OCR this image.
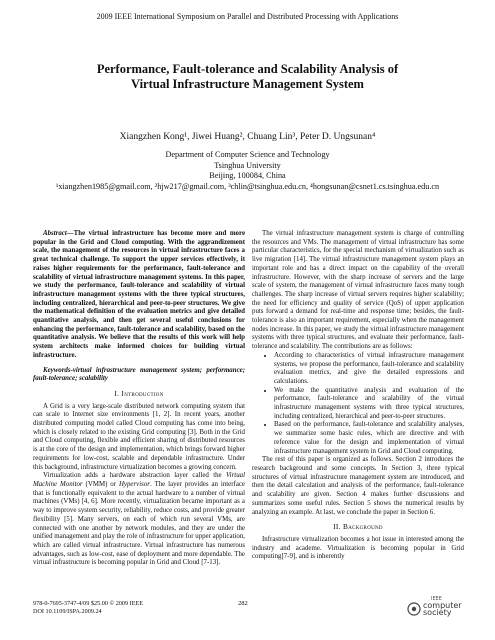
2009 IEEE International Symposium on Parallel and Distributed Processing with Applications
Performance, Fault-tolerance and Scalability Analysis of
Virtual Infrastructure Management System
Xiangzhen Kong¹, Jiwei Huang², Chuang Lin³, Peter D. Ungsunan⁴
Department of Computer Science and Technology
Tsinghua University
Beijing, 100084, China
¹xiangzhen1985@gmail.com, ²hjw217@gmail.com, ³chlin@tsinghua.edu.cn, ⁴hongsunan@csnet1.cs.tsinghua.edu.cn

Abstract—The virtual infrastructure has become more and more popular in the Grid and Cloud computing. With the aggrandizement scale, the management of the resources in virtual infrastructure faces a great technical challenge. To support the upper services effectively, it raises higher requirements for the performance, fault-tolerance and scalability of virtual infrastructure management systems. In this paper, we study the performance, fault-tolerance and scalability of virtual infrastructure management systems with the three typical structures, including centralized, hierarchical and peer-to-peer structures. We give the mathematical definition of the evaluation metrics and give detailed quantitative analysis, and then get several useful conclusions for enhancing the performance, fault-tolerance and scalability, based on the quantitative analysis. We believe that the results of this work will help system architects make informed choices for building virtual infrastructure.

Keywords-virtual infrastructure management system; performance; fault-tolerance; scalability

I. Introduction

A Grid is a very large-scale distributed network computing system that can scale to Internet size environments [1, 2]. In recent years, another distributed computing model called Cloud computing has come into being, which is closely related to the existing Grid computing [3]. Both in the Grid and Cloud computing, flexible and efficient sharing of distributed resources is at the core of the design and implementation, which brings forward higher requirements for low-cost, scalable and dependable infrastructure. Under this background, infrastructure virtualization becomes a growing concern.

Virtualization adds a hardware abstraction layer called the Virtual Machine Monitor (VMM) or Hypervisor. The layer provides an interface that is functionally equivalent to the actual hardware to a number of virtual machines (VMs) [4, 6]. More recently, virtualization became important as a way to improve system security, reliability, reduce costs, and provide greater flexibility [5]. Many servers, on each of which run several VMs, are connected with one another by network modules, and they are under the unified management and play the role of infrastructure for upper application, which are called virtual infrastructure. Virtual infrastructure has numerous advantages, such as low-cost, ease of deployment and more dependable. The virtual infrastructure is becoming popular in Grid and Cloud [7-13].

The virtual infrastructure management system is charge of controlling the resources and VMs. The management of virtual infrastructure has some particular characteristics, for the special mechanism of virtualization such as live migration [14]. The virtual infrastructure management system plays an important role and has a direct impact on the capability of the overall infrastructure. However, with the sharp increase of servers and the large scale of system, the management of virtual infrastructure faces many tough challenges. The sharp increase of virtual servers requires higher scalability; the need for efficiency and quality of service (QoS) of upper application puts forward a demand for real-time and response time; besides, the fault-tolerance is also an important requirement, especially when the management nodes increase. In this paper, we study the virtual infrastructure management systems with three typical structures, and evaluate their performance, fault-tolerance and scalability. The contributions are as follows:

• According to characteristics of virtual infrastructure management systems, we propose the performance, fault-tolerance and scalability evaluation metrics, and give the detailed expressions and calculations.
• We make the quantitative analysis and evaluation of the performance, fault-tolerance and scalability of the virtual infrastructure management systems with three typical structures, including centralized, hierarchical and peer-to-peer structures.
• Based on the performance, fault-tolerance and scalability analyses, we summarize some basic rules, which are directive and with reference value for the design and implementation of virtual infrastructure management system in Grid and Cloud computing.

The rest of this paper is organized as follows. Section 2 introduces the research background and some concepts. In Section 3, three typical structures of virtual infrastructure management system are introduced, and then the detail calculation and analysis of the performance, fault-tolerance and scalability are given. Section 4 makes further discussions and summarizes some useful rules. Section 5 shows the numerical results by analyzing an example. At last, we conclude the paper in Section 6.

II. Background

Infrastructure virtualization becomes a hot issue in interested among the industry and academe. Virtualization is becoming popular in Grid computing[7-9], and is inherently

978-0-7695-3747-4/09 $25.00 © 2009 IEEE
DOI 10.1109/ISPA.2009.24
282
IEEE
computer
society
